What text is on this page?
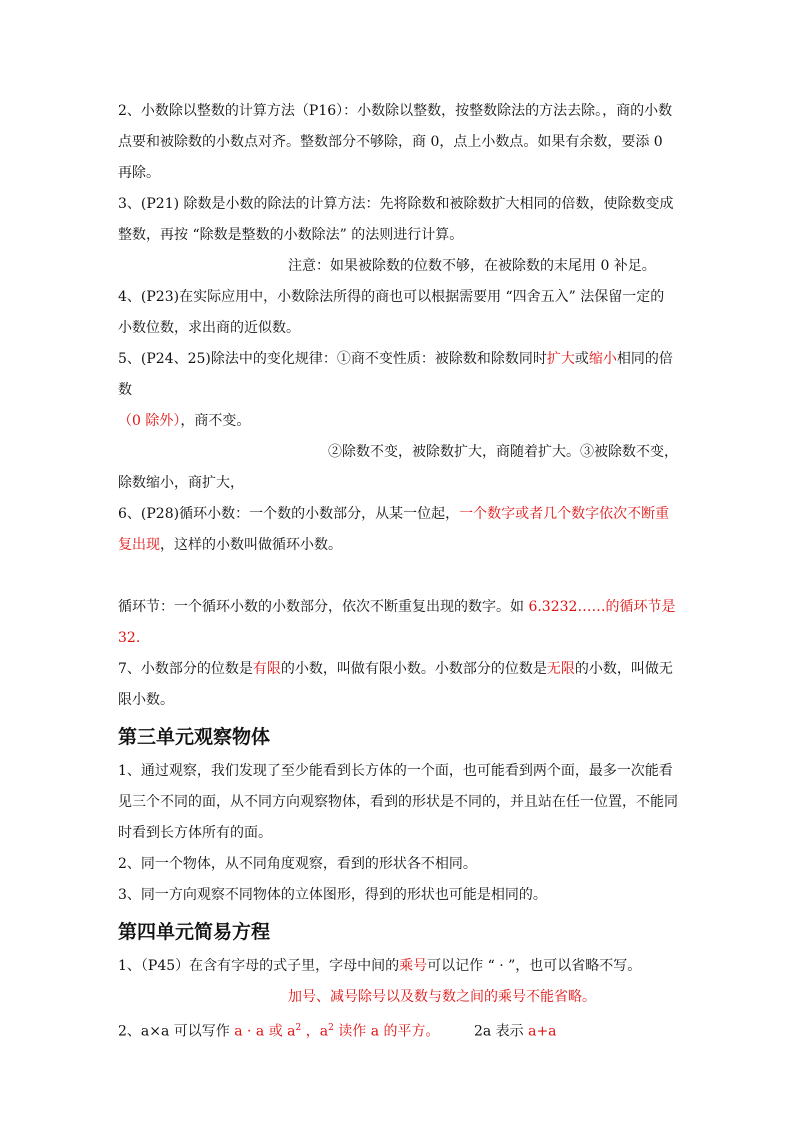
2、小数除以整数的计算方法（P16）：小数除以整数，按整数除法的方法去除。，商的小数点要和被除数的小数点对齐。整数部分不够除，商 0，点上小数点。如果有余数，要添 0 再除。

3、(P21) 除数是小数的除法的计算方法：先将除数和被除数扩大相同的倍数，使除数变成整数，再按 “除数是整数的小数除法” 的法则进行计算。

注意：如果被除数的位数不够，在被除数的末尾用 0 补足。

4、(P23)在实际应用中，小数除法所得的商也可以根据需要用 “四舍五入” 法保留一定的小数位数，求出商的近似数。

5、(P24、25)除法中的变化规律：①商不变性质：被除数和除数同时扩大或缩小相同的倍数
（0 除外），商不变。

②除数不变，被除数扩大，商随着扩大。③被除数不变，

除数缩小，商扩大，

6、(P28)循环小数：一个数的小数部分，从某一位起，一个数字或者几个数字依次不断重复出现，这样的小数叫做循环小数。

循环节：一个循环小数的小数部分，依次不断重复出现的数字。如 6.3232……的循环节是 32.

7、小数部分的位数是有限的小数，叫做有限小数。小数部分的位数是无限的小数，叫做无限小数。

第三单元观察物体

1、通过观察，我们发现了至少能看到长方体的一个面，也可能看到两个面，最多一次能看见三个不同的面，从不同方向观察物体，看到的形状是不同的，并且站在任一位置，不能同时看到长方体所有的面。

2、同一个物体，从不同角度观察，看到的形状各不相同。

3、同一方向观察不同物体的立体图形，得到的形状也可能是相同的。

第四单元简易方程

1、（P45）在含有字母的式子里，字母中间的乘号可以记作 “ · ”，也可以省略不写。

加号、减号除号以及数与数之间的乘号不能省略。

2、a×a 可以写作 a · a 或 $a^2$ ，$a^2$ 读作 a 的平方。 2a 表示 a+a
